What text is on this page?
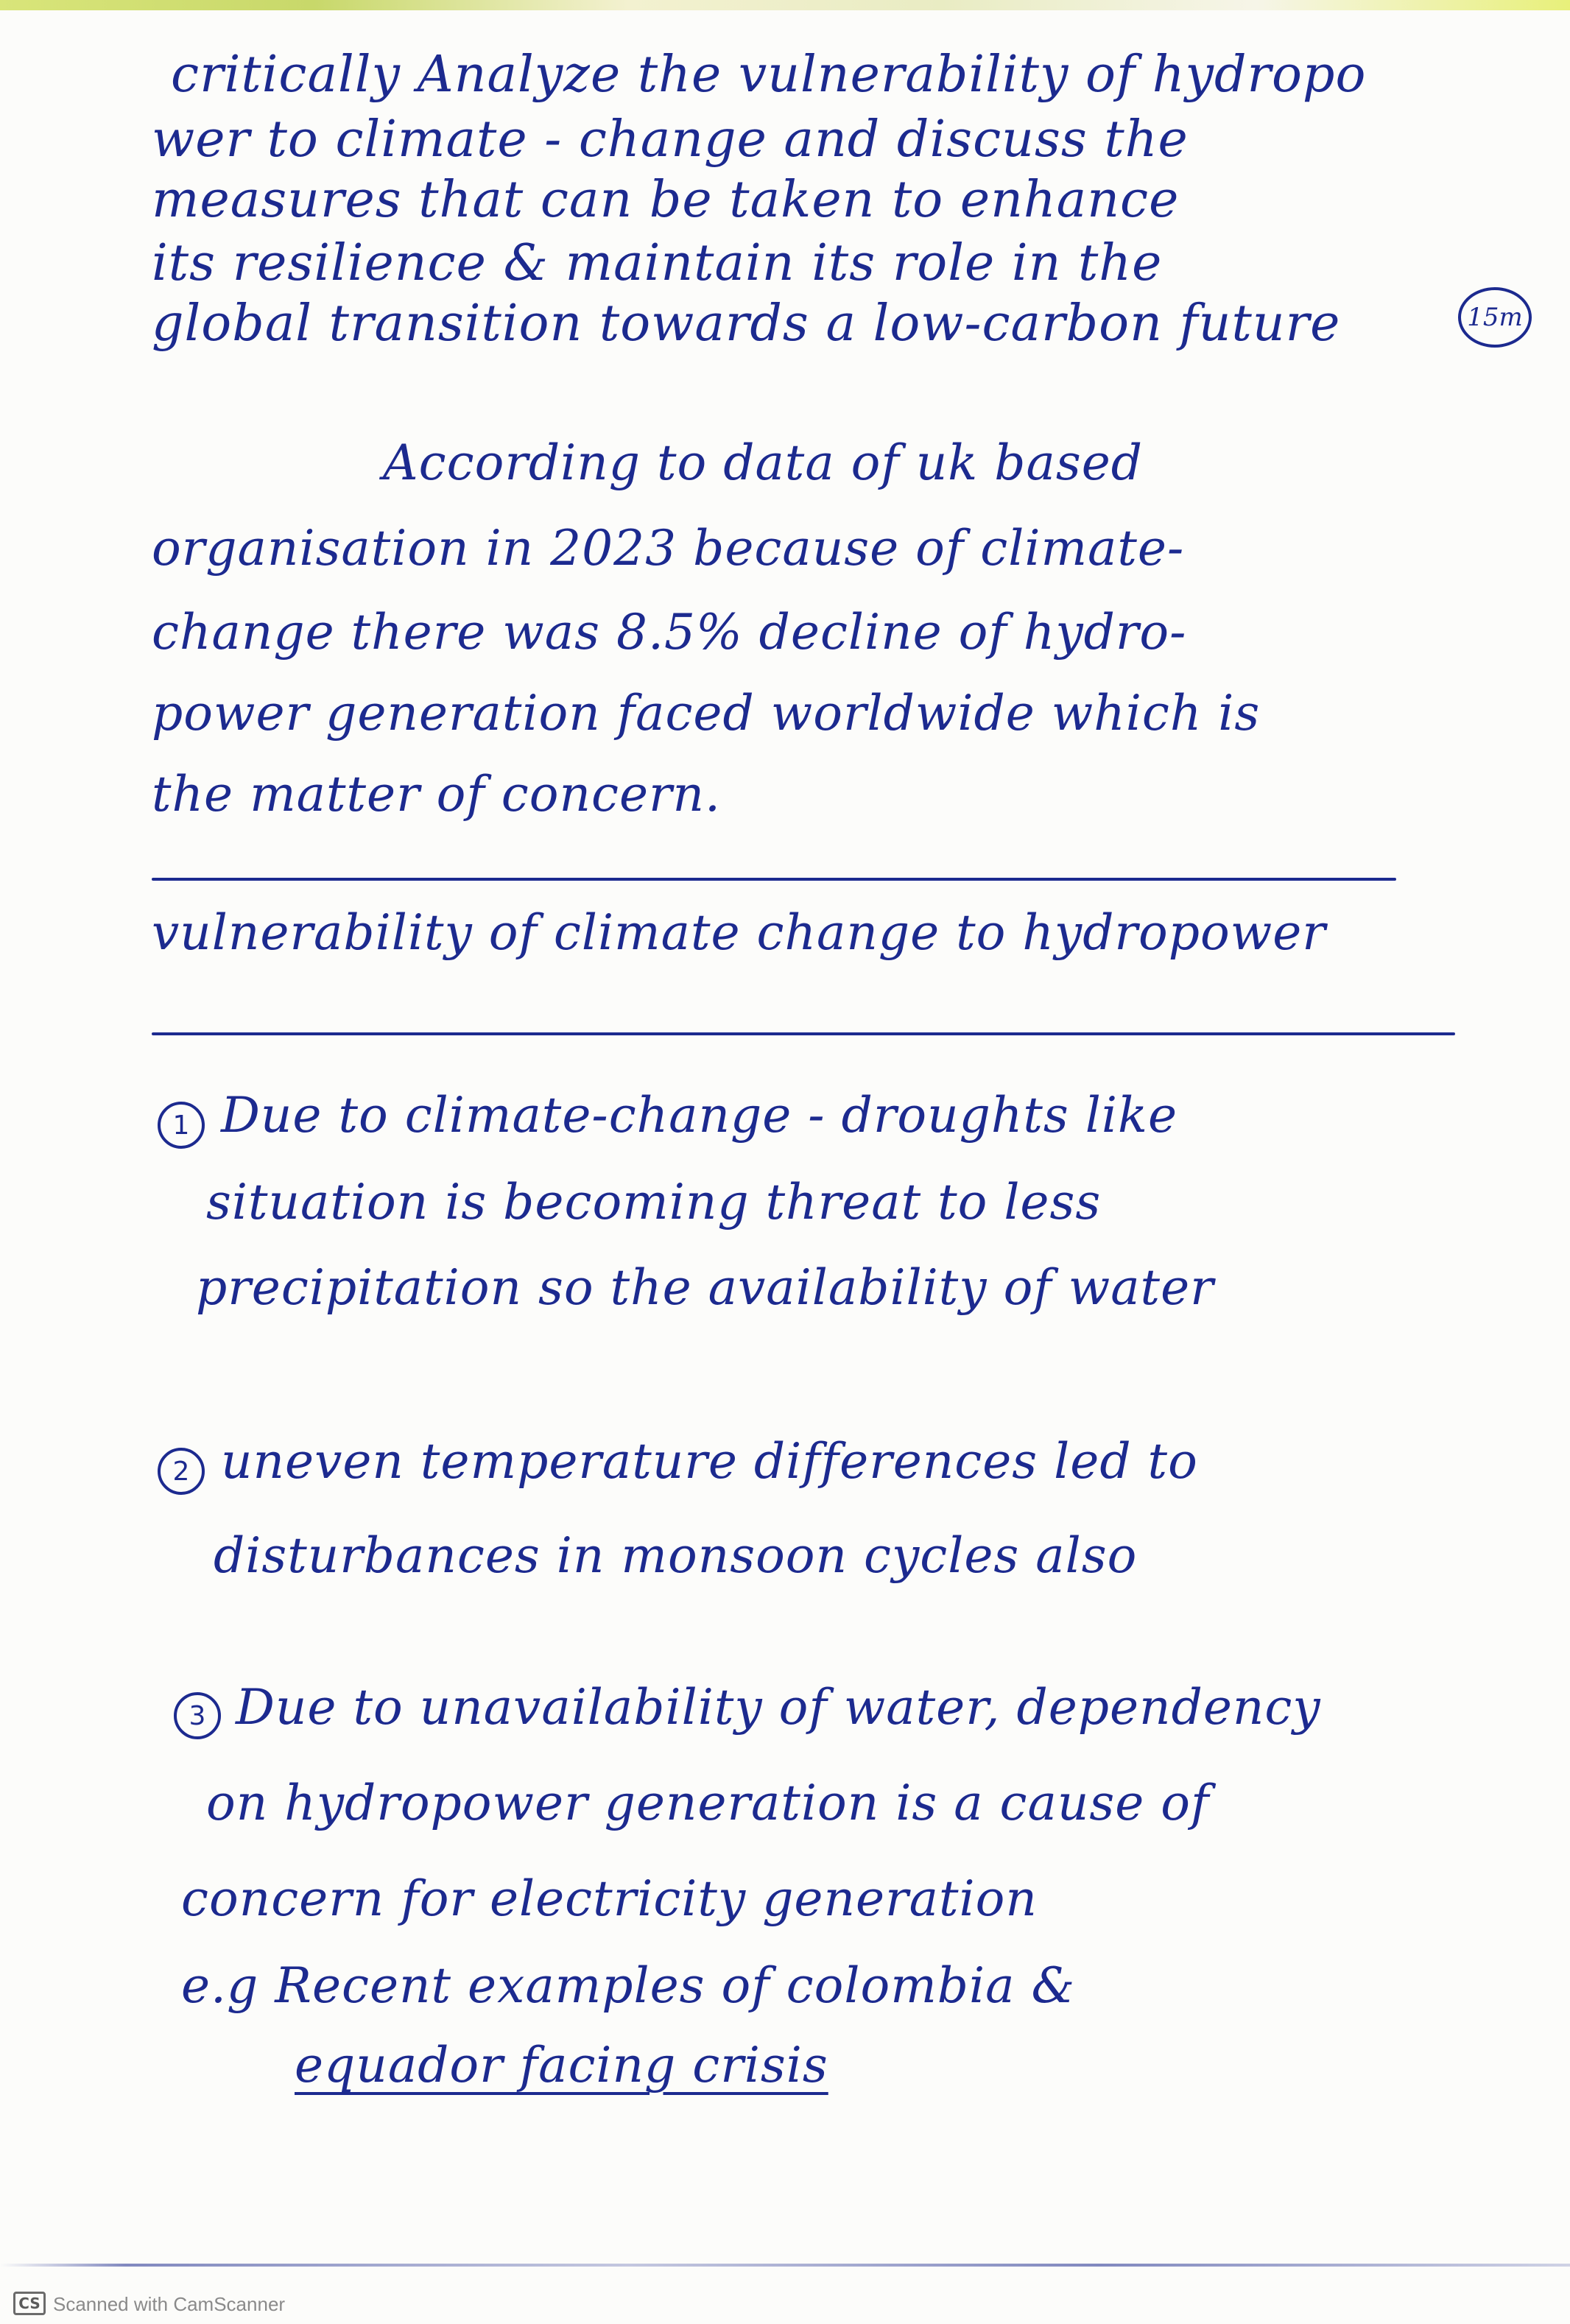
critically Analyze the vulnerability of hydropo
wer to climate - change and discuss the
measures that can be taken to enhance
its resilience & maintain its role in the
global transition towards a low-carbon future	15m
According to data of uk based
organisation in 2023 because of climate-
change there was 8.5% decline of hydro-
power generation faced worldwide which is
the matter of concern.
vulnerability of climate change to hydropower
1 Due to climate-change - droughts like
situation is becoming threat to less
precipitation so the availability of water
2 uneven temperature differences led to
disturbances in monsoon cycles also
3 Due to unavailability of water, dependency
on hydropower generation is a cause of
concern for electricity generation
e.g Recent examples of colombia &
equador facing crisis
CS Scanned with CamScanner
